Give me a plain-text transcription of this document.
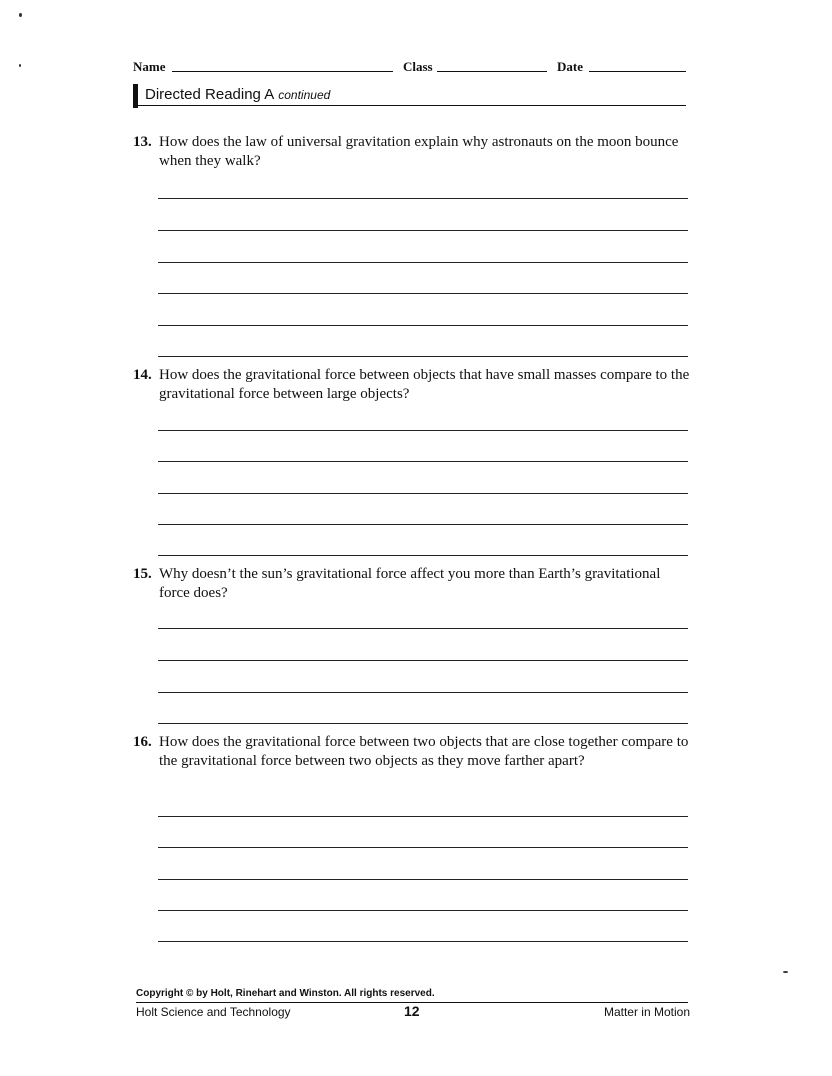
Name	Class	Date
Directed Reading A continued
13. How does the law of universal gravitation explain why astronauts on the moon bounce when they walk?
14. How does the gravitational force between objects that have small masses compare to the gravitational force between large objects?
15. Why doesn’t the sun’s gravitational force affect you more than Earth’s gravitational force does?
16. How does the gravitational force between two objects that are close together compare to the gravitational force between two objects as they move farther apart?
Copyright © by Holt, Rinehart and Winston. All rights reserved.
Holt Science and Technology	12	Matter in Motion
